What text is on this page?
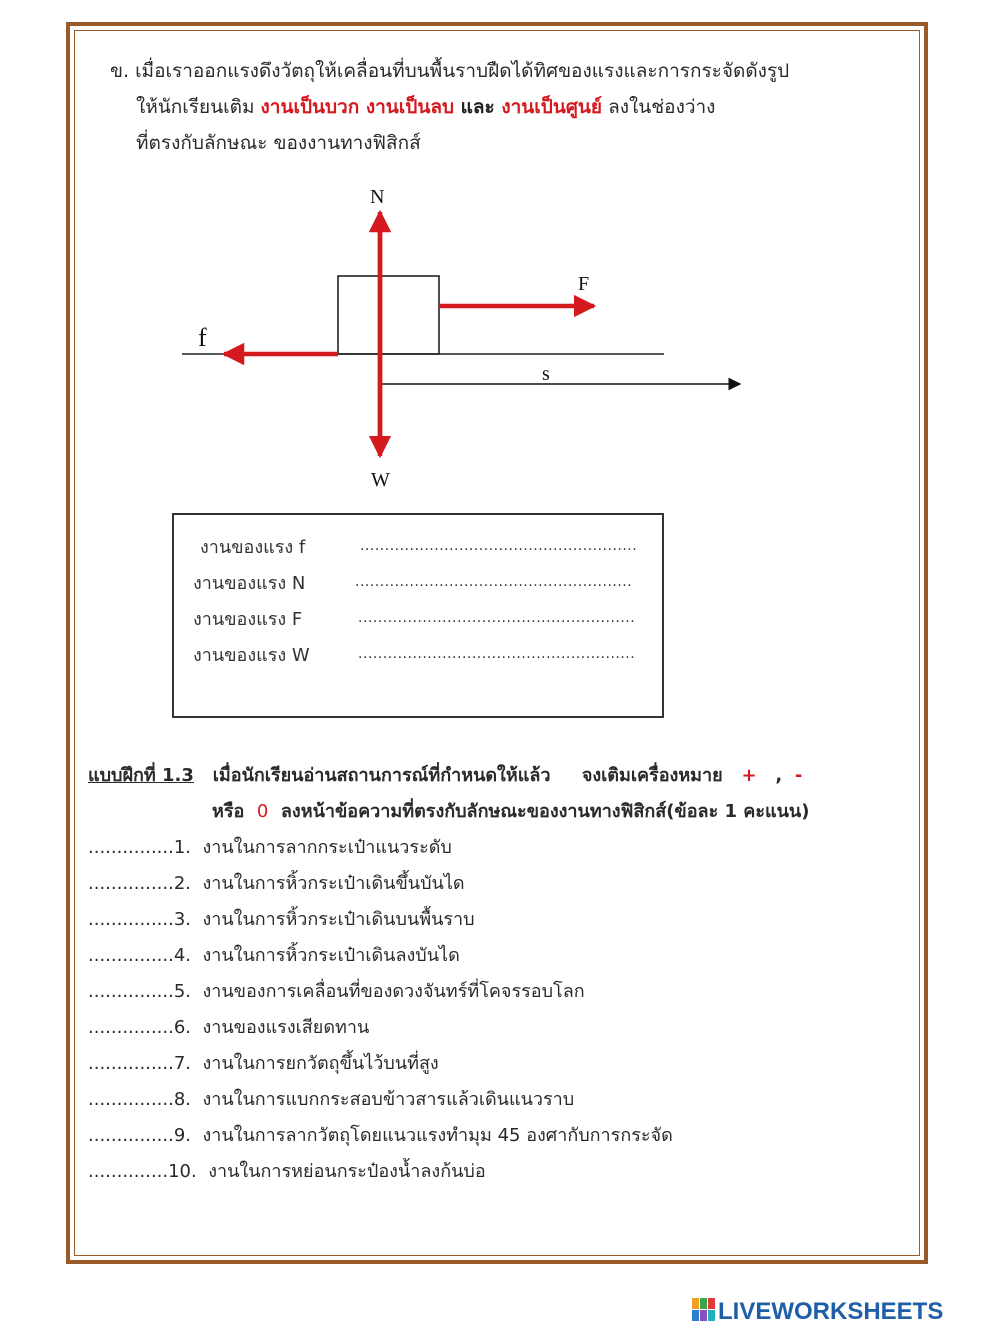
ข. เมื่อเราออกแรงดึงวัตถุให้เคลื่อนที่บนพื้นราบฝืดได้ทิศของแรงและการกระจัดดังรูป
ให้นักเรียนเติม งานเป็นบวก งานเป็นลบ และ งานเป็นศูนย์ ลงในช่องว่าง
ที่ตรงกับลักษณะ ของงานทางฟิสิกส์
N
F
f
s
W
งานของแรง f	........................................................
งานของแรง N	........................................................
งานของแรง F	........................................................
งานของแรง W	........................................................
แบบฝึกที่ 1.3 เมื่อนักเรียนอ่านสถานการณ์ที่กำหนดให้แล้ว จงเติมเครื่องหมาย + , -
หรือ 0 ลงหน้าข้อความที่ตรงกับลักษณะของงานทางฟิสิกส์(ข้อละ 1 คะแนน)
...............1. งานในการลากกระเป๋าแนวระดับ
...............2. งานในการหิ้วกระเป๋าเดินขึ้นบันได
...............3. งานในการหิ้วกระเป๋าเดินบนพื้นราบ
...............4. งานในการหิ้วกระเป๋าเดินลงบันได
...............5. งานของการเคลื่อนที่ของดวงจันทร์ที่โคจรรอบโลก
...............6. งานของแรงเสียดทาน
...............7. งานในการยกวัตถุขึ้นไว้บนที่สูง
...............8. งานในการแบกกระสอบข้าวสารแล้วเดินแนวราบ
...............9. งานในการลากวัตถุโดยแนวแรงทำมุม 45 องศากับการกระจัด
..............10. งานในการหย่อนกระป๋องน้ำลงก้นบ่อ
LIVEWORKSHEETS
